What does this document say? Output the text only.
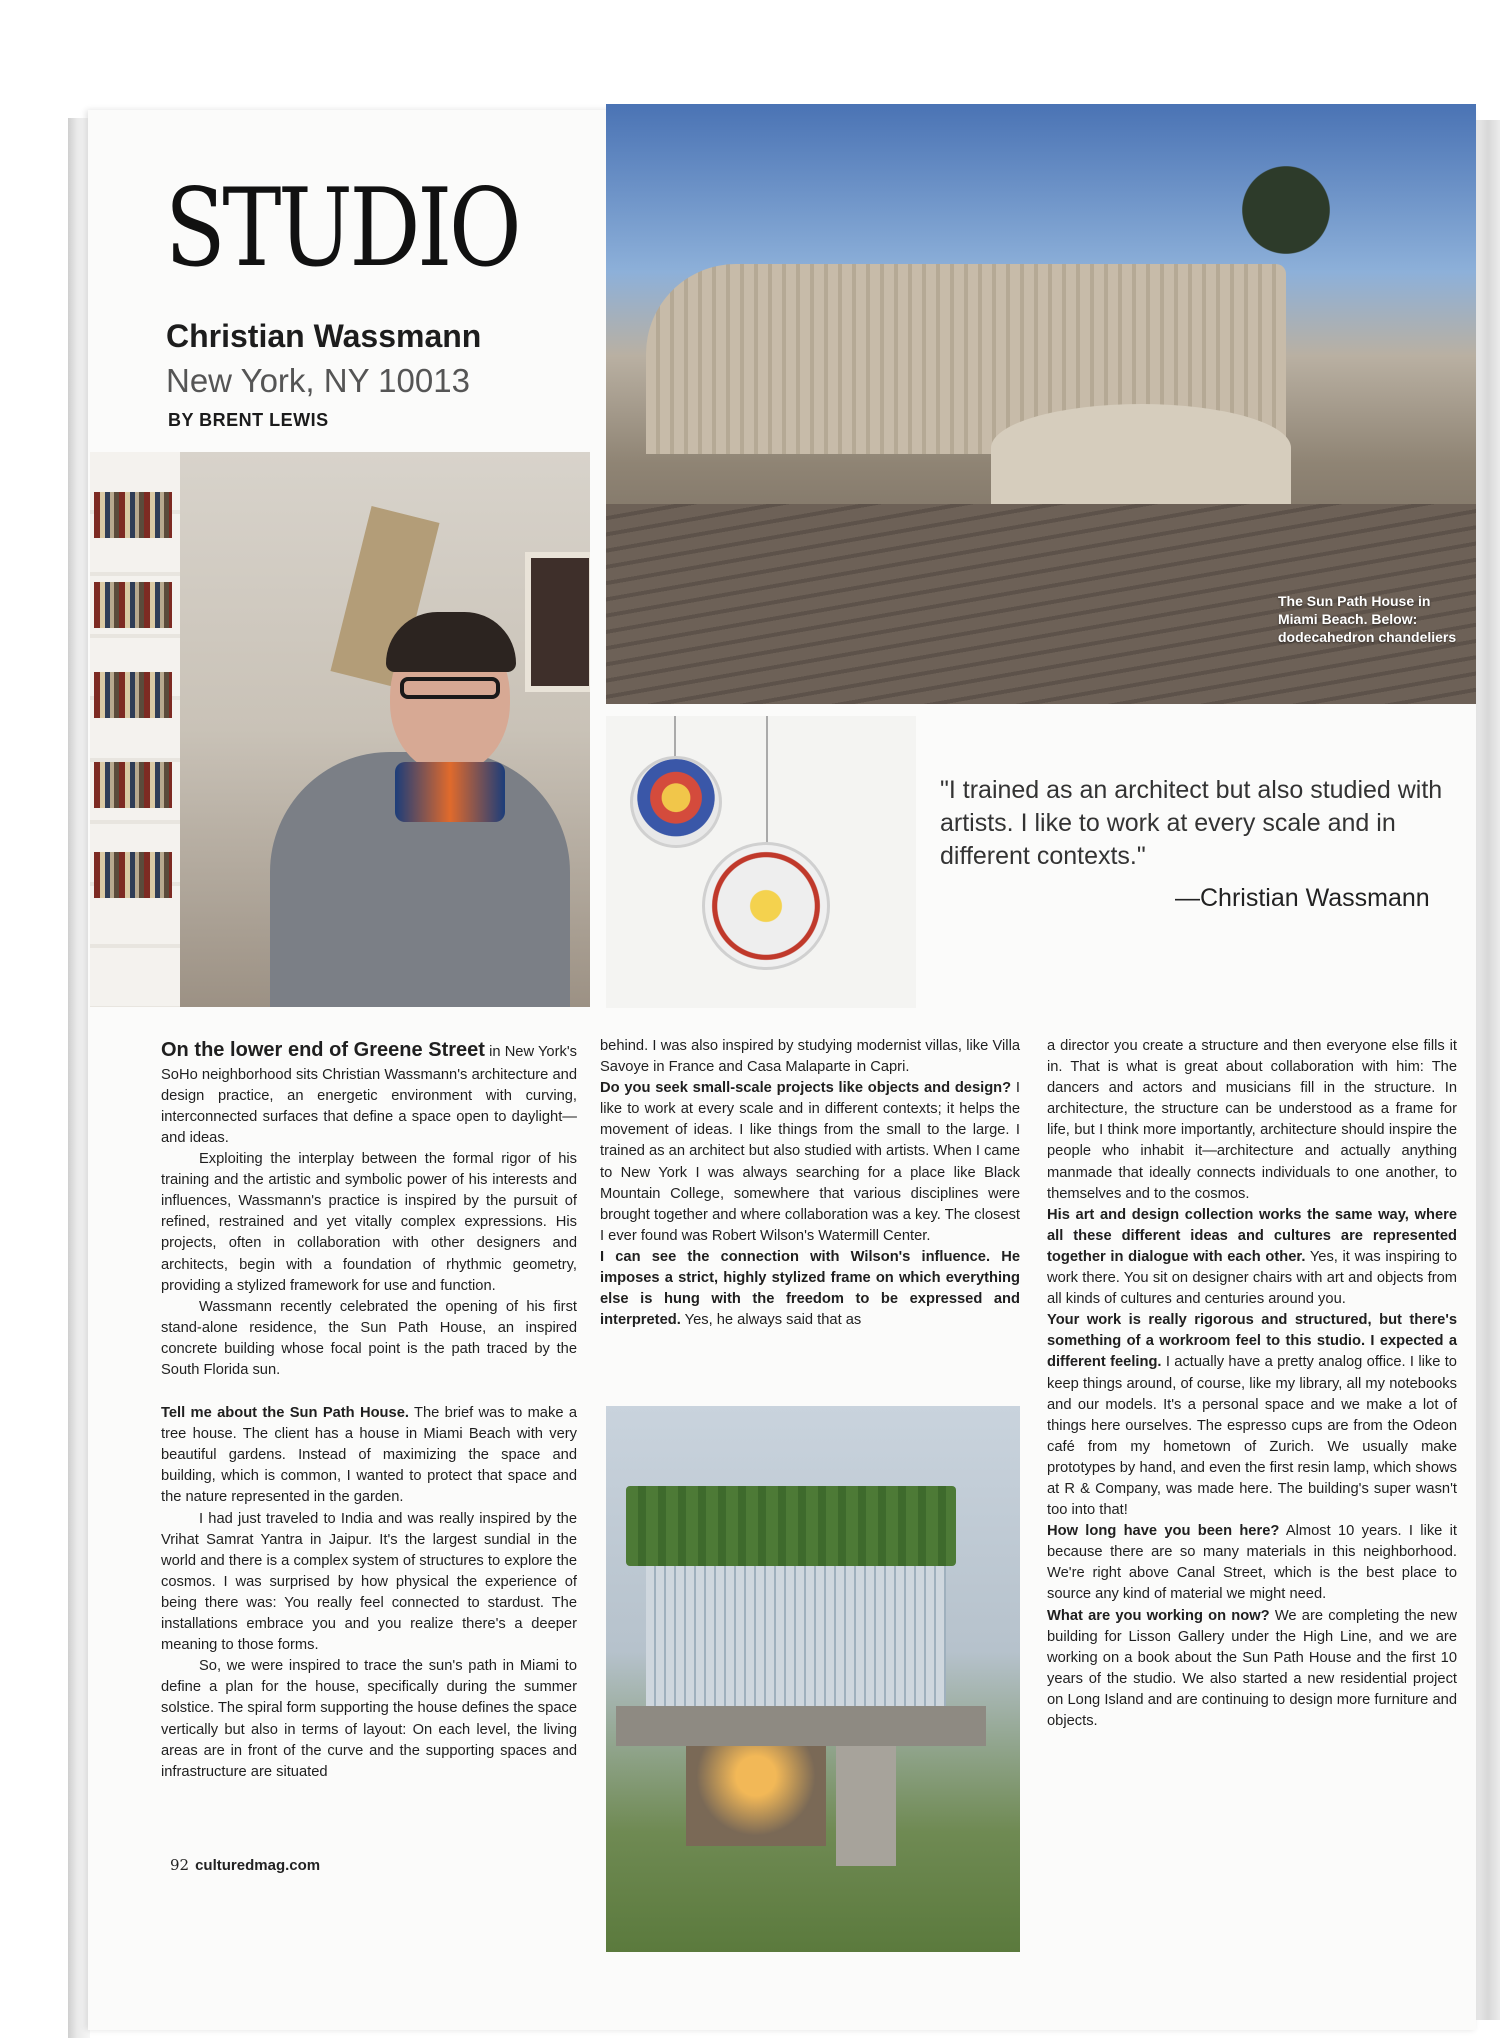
STUDIO
Christian Wassmann
New York, NY 10013
BY BRENT LEWIS
The Sun Path House in Miami Beach. Below: dodecahedron chandeliers
"I trained as an architect but also studied with artists. I like to work at every scale and in different contexts."
—Christian Wassmann

On the lower end of Greene Street in New York's SoHo neighborhood sits Christian Wassmann's architecture and design practice, an energetic environment with curving, interconnected surfaces that define a space open to daylight—and ideas.

Exploiting the interplay between the formal rigor of his training and the artistic and symbolic power of his interests and influences, Wassmann's practice is inspired by the pursuit of refined, restrained and yet vitally complex expressions. His projects, often in collaboration with other designers and architects, begin with a foundation of rhythmic geometry, providing a stylized framework for use and function.

Wassmann recently celebrated the opening of his first stand-alone residence, the Sun Path House, an inspired concrete building whose focal point is the path traced by the South Florida sun.

Tell me about the Sun Path House. The brief was to make a tree house. The client has a house in Miami Beach with very beautiful gardens. Instead of maximizing the space and building, which is common, I wanted to protect that space and the nature represented in the garden.

I had just traveled to India and was really inspired by the Vrihat Samrat Yantra in Jaipur. It's the largest sundial in the world and there is a complex system of structures to explore the cosmos. I was surprised by how physical the experience of being there was: You really feel connected to stardust. The installations embrace you and you realize there's a deeper meaning to those forms.

So, we were inspired to trace the sun's path in Miami to define a plan for the house, specifically during the summer solstice. The spiral form supporting the house defines the space vertically but also in terms of layout: On each level, the living areas are in front of the curve and the supporting spaces and infrastructure are situated

behind. I was also inspired by studying modernist villas, like Villa Savoye in France and Casa Malaparte in Capri.

Do you seek small-scale projects like objects and design? I like to work at every scale and in different contexts; it helps the movement of ideas. I like things from the small to the large. I trained as an architect but also studied with artists. When I came to New York I was always searching for a place like Black Mountain College, somewhere that various disciplines were brought together and where collaboration was a key. The closest I ever found was Robert Wilson's Watermill Center.

I can see the connection with Wilson's influence. He imposes a strict, highly stylized frame on which everything else is hung with the freedom to be expressed and interpreted. Yes, he always said that as

a director you create a structure and then everyone else fills it in. That is what is great about collaboration with him: The dancers and actors and musicians fill in the structure. In architecture, the structure can be understood as a frame for life, but I think more importantly, architecture should inspire the people who inhabit it—architecture and actually anything manmade that ideally connects individuals to one another, to themselves and to the cosmos.

His art and design collection works the same way, where all these different ideas and cultures are represented together in dialogue with each other. Yes, it was inspiring to work there. You sit on designer chairs with art and objects from all kinds of cultures and centuries around you.

Your work is really rigorous and structured, but there's something of a workroom feel to this studio. I expected a different feeling. I actually have a pretty analog office. I like to keep things around, of course, like my library, all my notebooks and our models. It's a personal space and we make a lot of things here ourselves. The espresso cups are from the Odeon café from my hometown of Zurich. We usually make prototypes by hand, and even the first resin lamp, which shows at R & Company, was made here. The building's super wasn't too into that!

How long have you been here? Almost 10 years. I like it because there are so many materials in this neighborhood. We're right above Canal Street, which is the best place to source any kind of material we might need.

What are you working on now? We are completing the new building for Lisson Gallery under the High Line, and we are working on a book about the Sun Path House and the first 10 years of the studio. We also started a new residential project on Long Island and are continuing to design more furniture and objects.

92 culturedmag.com
